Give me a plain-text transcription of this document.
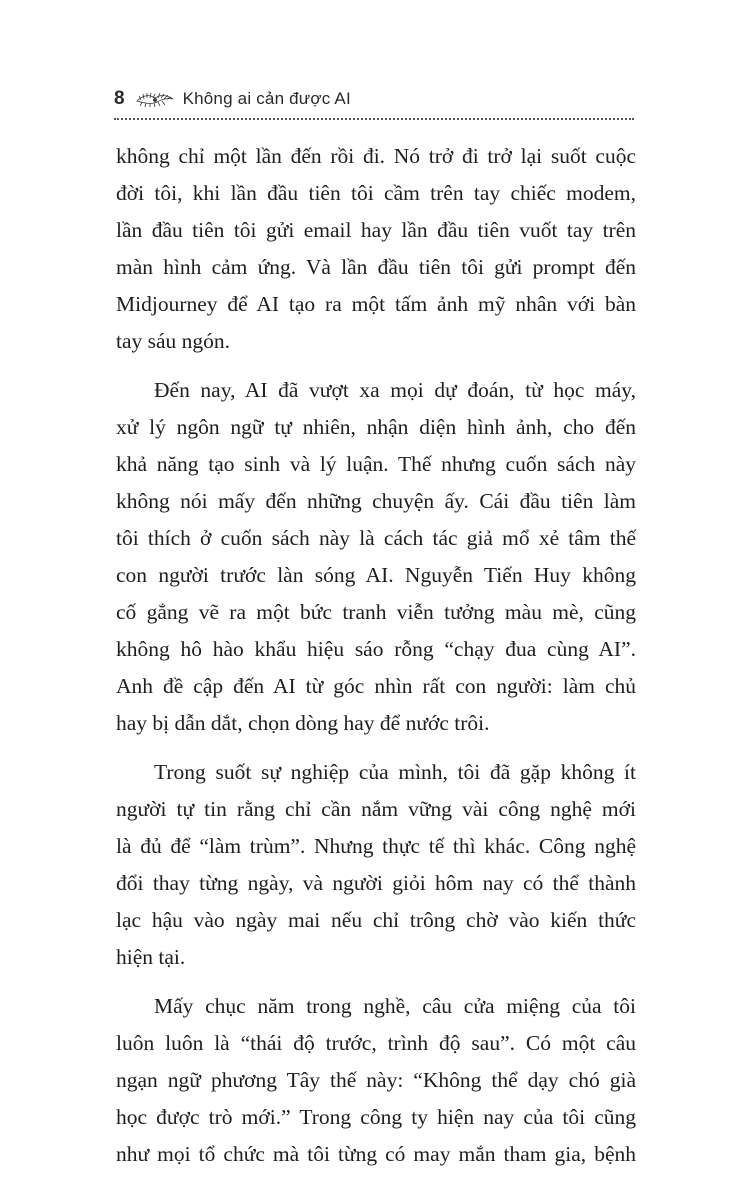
8	Không ai cản được AI

không chỉ một lần đến rồi đi. Nó trở đi trở lại suốt cuộc
đời tôi, khi lần đầu tiên tôi cầm trên tay chiếc modem,
lần đầu tiên tôi gửi email hay lần đầu tiên vuốt tay trên
màn hình cảm ứng. Và lần đầu tiên tôi gửi prompt đến
Midjourney để AI tạo ra một tấm ảnh mỹ nhân với bàn
tay sáu ngón.

Đến nay, AI đã vượt xa mọi dự đoán, từ học máy,
xử lý ngôn ngữ tự nhiên, nhận diện hình ảnh, cho đến
khả năng tạo sinh và lý luận. Thế nhưng cuốn sách này
không nói mấy đến những chuyện ấy. Cái đầu tiên làm
tôi thích ở cuốn sách này là cách tác giả mổ xẻ tâm thế
con người trước làn sóng AI. Nguyễn Tiến Huy không
cố gắng vẽ ra một bức tranh viễn tưởng màu mè, cũng
không hô hào khẩu hiệu sáo rỗng “chạy đua cùng AI”.
Anh đề cập đến AI từ góc nhìn rất con người: làm chủ
hay bị dẫn dắt, chọn dòng hay để nước trôi.

Trong suốt sự nghiệp của mình, tôi đã gặp không ít
người tự tin rằng chỉ cần nắm vững vài công nghệ mới
là đủ để “làm trùm”. Nhưng thực tế thì khác. Công nghệ
đổi thay từng ngày, và người giỏi hôm nay có thể thành
lạc hậu vào ngày mai nếu chỉ trông chờ vào kiến thức
hiện tại.

Mấy chục năm trong nghề, câu cửa miệng của tôi
luôn luôn là “thái độ trước, trình độ sau”. Có một câu
ngạn ngữ phương Tây thế này: “Không thể dạy chó già
học được trò mới.” Trong công ty hiện nay của tôi cũng
như mọi tổ chức mà tôi từng có may mắn tham gia, bệnh
